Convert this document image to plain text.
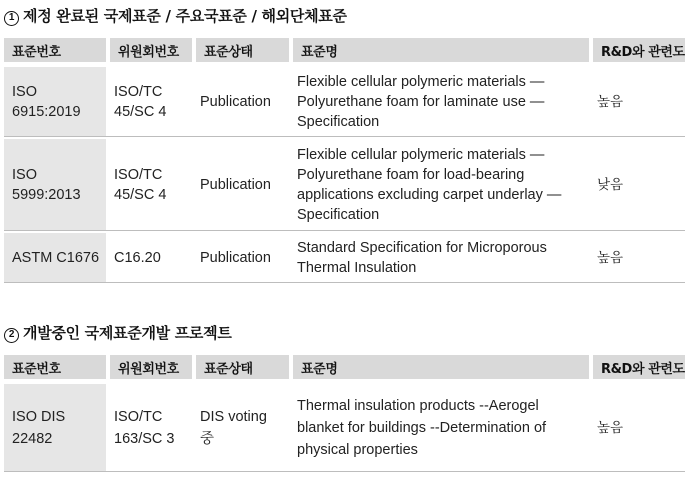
1 제정 완료된 국제표준 / 주요국표준 / 해외단체표준
표준번호	위원회번호	표준상태	표준명	R&D와 관련도

ISO 6915:2019	ISO/TC 45/SC 4	Publication	Flexible cellular polymeric materials — Polyurethane foam for laminate use — Specification	높음
ISO 5999:2013	ISO/TC 45/SC 4	Publication	Flexible cellular polymeric materials — Polyurethane foam for load-bearing applications excluding carpet underlay — Specification	낮음
ASTM C1676	C16.20	Publication	Standard Specification for Microporous Thermal Insulation	높음
2 개발중인 국제표준개발 프로젝트
표준번호	위원회번호	표준상태	표준명	R&D와 관련도

ISO DIS 22482	ISO/TC 163/SC 3	DIS voting 중	Thermal insulation products --Aerogel blanket for buildings --Determination of physical properties	높음
